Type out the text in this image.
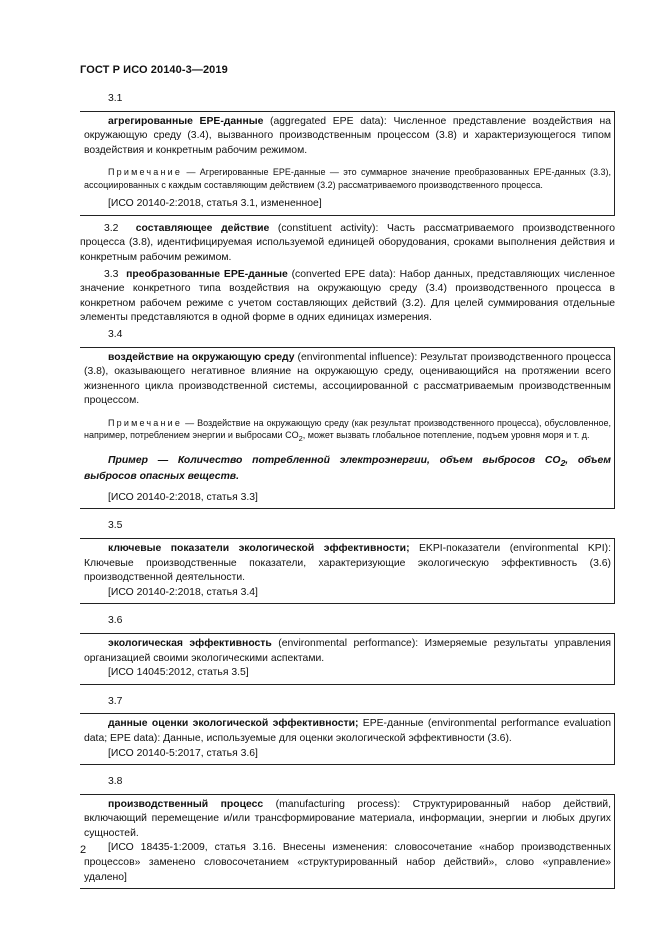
ГОСТ Р ИСО 20140-3—2019
3.1

агрегированные ЕРЕ-данные (aggregated EPE data): Численное представление воздействия на окружающую среду (3.4), вызванного производственным процессом (3.8) и характеризующегося типом воздействия и конкретным рабочим режимом.

Примечание — Агрегированные ЕРЕ-данные — это суммарное значение преобразованных ЕРЕ-данных (3.3), ассоциированных с каждым составляющим действием (3.2) рассматриваемого производственного процесса.

[ИСО 20140-2:2018, статья 3.1, измененное]

3.2 составляющее действие (constituent activity): Часть рассматриваемого производственного процесса (3.8), идентифицируемая используемой единицей оборудования, сроками выполнения действия и конкретным рабочим режимом.

3.3 преобразованные ЕРЕ-данные (converted EPE data): Набор данных, представляющих численное значение конкретного типа воздействия на окружающую среду (3.4) производственного процесса в конкретном рабочем режиме с учетом составляющих действий (3.2). Для целей суммирования отдельные элементы представляются в одной форме в одних единицах измерения.

3.4

воздействие на окружающую среду (environmental influence): Результат производственного процесса (3.8), оказывающего негативное влияние на окружающую среду, оценивающийся на протяжении всего жизненного цикла производственной системы, ассоциированной с рассматриваемым производственным процессом.

Примечание — Воздействие на окружающую среду (как результат производственного процесса), обусловленное, например, потреблением энергии и выбросами $CO_2$, может вызвать глобальное потепление, подъем уровня моря и т. д.

Пример — Количество потребленной электроэнергии, объем выбросов $CO_2$, объем выбросов опасных веществ.

[ИСО 20140-2:2018, статья 3.3]

3.5

ключевые показатели экологической эффективности; EKPI-показатели (environmental KPI): Ключевые производственные показатели, характеризующие экологическую эффективность (3.6) производственной деятельности.

[ИСО 20140-2:2018, статья 3.4]

3.6

экологическая эффективность (environmental performance): Измеряемые результаты управления организацией своими экологическими аспектами.

[ИСО 14045:2012, статья 3.5]

3.7

данные оценки экологической эффективности; ЕРЕ-данные (environmental performance evaluation data; EPE data): Данные, используемые для оценки экологической эффективности (3.6).

[ИСО 20140-5:2017, статья 3.6]

3.8

производственный процесс (manufacturing process): Структурированный набор действий, включающий перемещение и/или трансформирование материала, информации, энергии и любых других сущностей.

[ИСО 18435-1:2009, статья 3.16. Внесены изменения: словосочетание «набор производственных процессов» заменено словосочетанием «структурированный набор действий», слово «управление» удалено]

2
